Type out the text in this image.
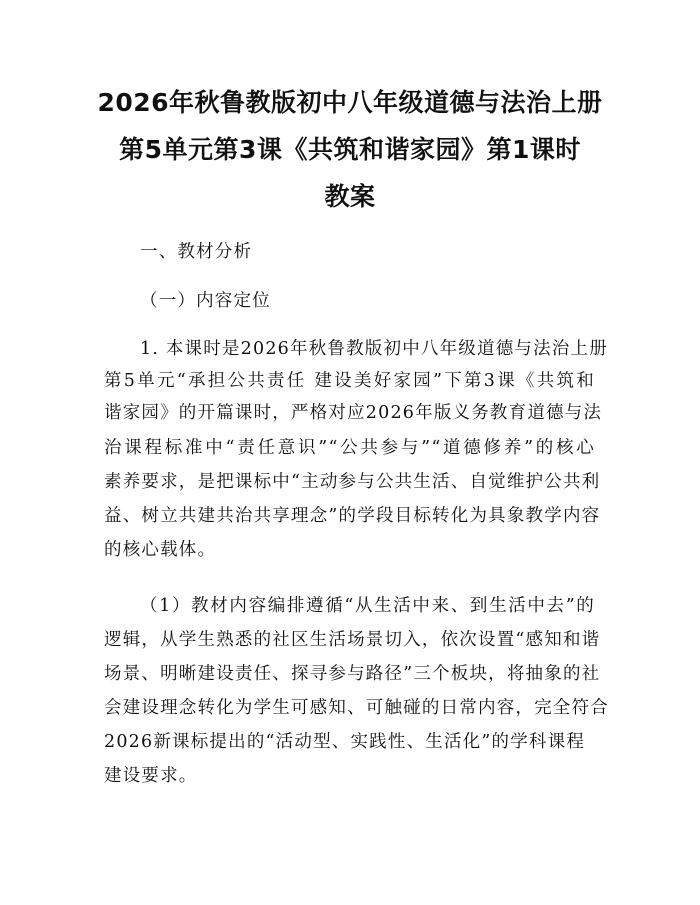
2026年秋鲁教版初中八年级道德与法治上册
第5单元第3课《共筑和谐家园》第1课时
教案
一、教材分析
（一）内容定位
1. 本课时是2026年秋鲁教版初中八年级道德与法治上册
第5单元“承担公共责任 建设美好家园”下第3课《共筑和
谐家园》的开篇课时，严格对应2026年版义务教育道德与法
治课程标准中“责任意识”“公共参与”“道德修养”的核心
素养要求，是把课标中“主动参与公共生活、自觉维护公共利
益、树立共建共治共享理念”的学段目标转化为具象教学内容
的核心载体。
（1）教材内容编排遵循“从生活中来、到生活中去”的
逻辑，从学生熟悉的社区生活场景切入，依次设置“感知和谐
场景、明晰建设责任、探寻参与路径”三个板块，将抽象的社
会建设理念转化为学生可感知、可触碰的日常内容，完全符合
2026新课标提出的“活动型、实践性、生活化”的学科课程
建设要求。
